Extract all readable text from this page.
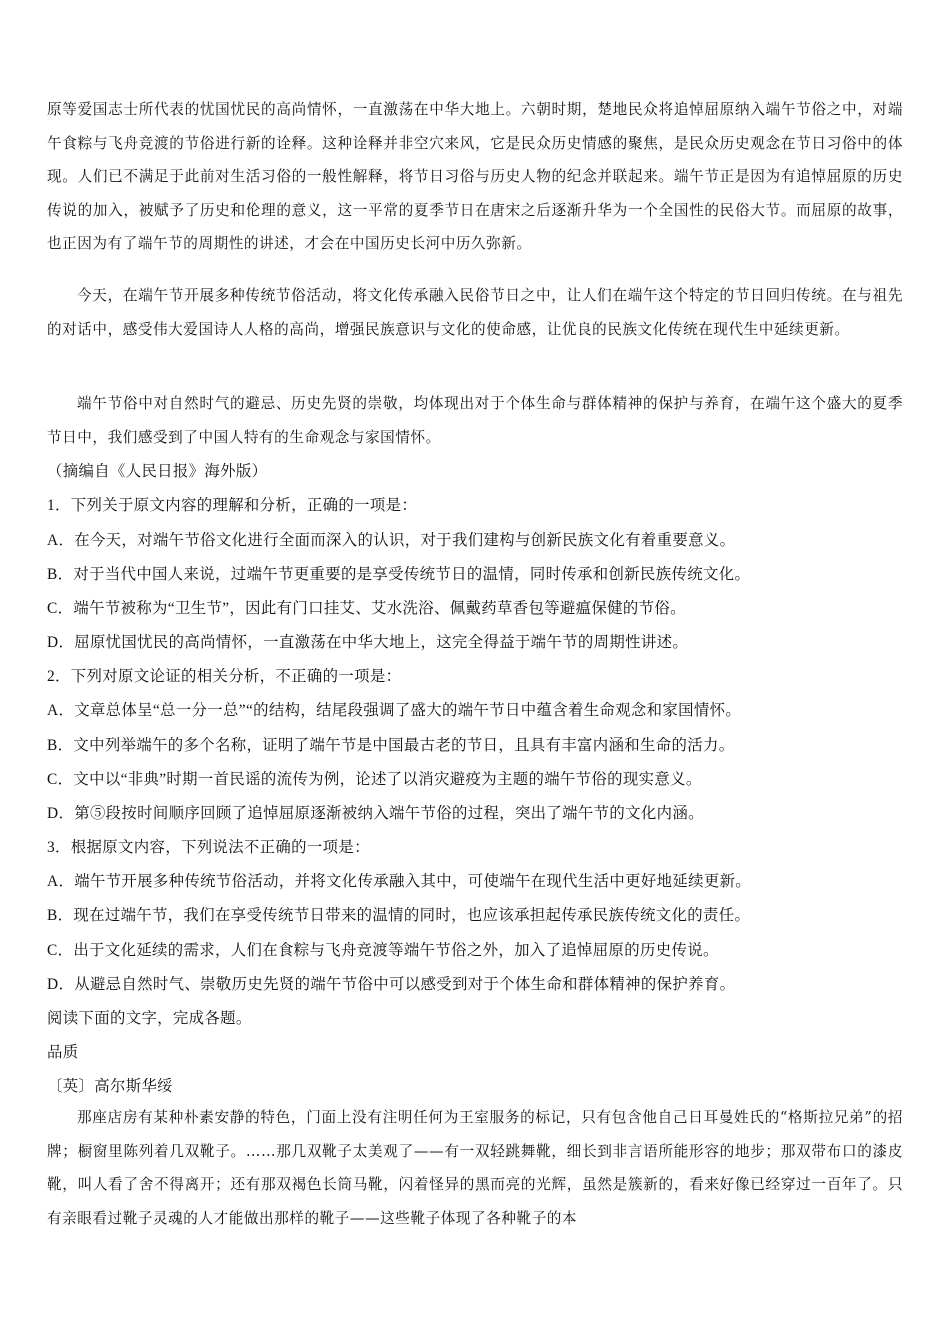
原等爱国志士所代表的忧国忧民的高尚情怀，一直激荡在中华大地上。六朝时期，楚地民众将追悼屈原纳入端午节俗之中，对端午食粽与飞舟竞渡的节俗进行新的诠释。这种诠释并非空穴来风，它是民众历史情感的聚焦，是民众历史观念在节日习俗中的体现。人们已不满足于此前对生活习俗的一般性解释，将节日习俗与历史人物的纪念并联起来。端午节正是因为有追悼屈原的历史传说的加入，被赋予了历史和伦理的意义，这一平常的夏季节日在唐宋之后逐渐升华为一个全国性的民俗大节。而屈原的故事，也正因为有了端午节的周期性的讲述，才会在中国历史长河中历久弥新。

今天，在端午节开展多种传统节俗活动，将文化传承融入民俗节日之中，让人们在端午这个特定的节日回归传统。在与祖先的对话中，感受伟大爱国诗人人格的高尚，增强民族意识与文化的使命感，让优良的民族文化传统在现代生中延续更新。

端午节俗中对自然时气的避忌、历史先贤的崇敬，均体现出对于个体生命与群体精神的保护与养育，在端午这个盛大的夏季节日中，我们感受到了中国人特有的生命观念与家国情怀。

（摘编自《人民日报》海外版）
1．下列关于原文内容的理解和分析，正确的一项是：
A．在今天，对端午节俗文化进行全面而深入的认识，对于我们建构与创新民族文化有着重要意义。
B．对于当代中国人来说，过端午节更重要的是享受传统节日的温情，同时传承和创新民族传统文化。
C．端午节被称为“卫生节”，因此有门口挂艾、艾水洗浴、佩戴药草香包等避瘟保健的节俗。
D．屈原忧国忧民的高尚情怀，一直激荡在中华大地上，这完全得益于端午节的周期性讲述。
2．下列对原文论证的相关分析，不正确的一项是：
A．文章总体呈“总一分一总”“的结构，结尾段强调了盛大的端午节日中蕴含着生命观念和家国情怀。
B．文中列举端午的多个名称，证明了端午节是中国最古老的节日，且具有丰富内涵和生命的活力。
C．文中以“非典”时期一首民谣的流传为例，论述了以消灾避疫为主题的端午节俗的现实意义。
D．第⑤段按时间顺序回顾了追悼屈原逐渐被纳入端午节俗的过程，突出了端午节的文化内涵。
3．根据原文内容，下列说法不正确的一项是：
A．端午节开展多种传统节俗活动，并将文化传承融入其中，可使端午在现代生活中更好地延续更新。
B．现在过端午节，我们在享受传统节日带来的温情的同时，也应该承担起传承民族传统文化的责任。
C．出于文化延续的需求，人们在食粽与飞舟竞渡等端午节俗之外，加入了追悼屈原的历史传说。
D．从避忌自然时气、崇敬历史先贤的端午节俗中可以感受到对于个体生命和群体精神的保护养育。
阅读下面的文字，完成各题。
品质
〔英〕高尔斯华绥

那座店房有某种朴素安静的特色，门面上没有注明任何为王室服务的标记，只有包含他自己日耳曼姓氏的“格斯拉兄弟”的招牌；橱窗里陈列着几双靴子。……那几双靴子太美观了——有一双轻跳舞靴，细长到非言语所能形容的地步；那双带布口的漆皮靴，叫人看了舍不得离开；还有那双褐色长筒马靴，闪着怪异的黑而亮的光辉，虽然是簇新的，看来好像已经穿过一百年了。只有亲眼看过靴子灵魂的人才能做出那样的靴子——这些靴子体现了各种靴子的本
